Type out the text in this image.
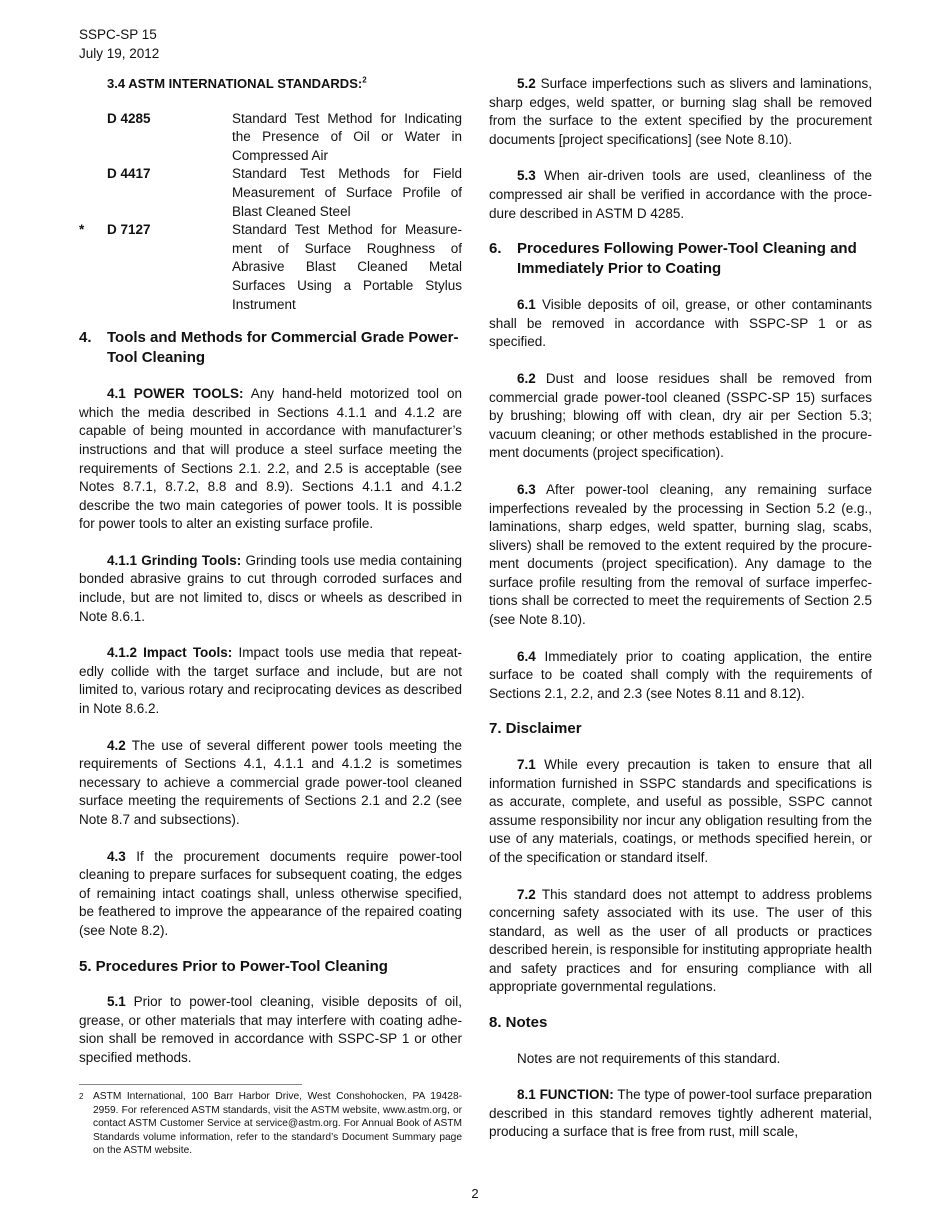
SSPC-SP 15
July 19, 2012
3.4 ASTM INTERNATIONAL STANDARDS:$^2$
D 4285	Standard Test Method for Indicating the Presence of Oil or Water in Compressed Air
D 4417	Standard Test Methods for Field Measurement of Surface Profile of Blast Cleaned Steel
*	D 7127	Standard Test Method for Measurement of Surface Roughness of Abrasive Blast Cleaned Metal Surfaces Using a Portable Stylus Instrument
4.	Tools and Methods for Commercial Grade Power-Tool Cleaning

4.1 POWER TOOLS: Any hand-held motorized tool on which the media described in Sections 4.1.1 and 4.1.2 are capable of being mounted in accordance with manufacturer’s instructions and that will produce a steel surface meeting the requirements of Sections 2.1. 2.2, and 2.5 is acceptable (see Notes 8.7.1, 8.7.2, 8.8 and 8.9). Sections 4.1.1 and 4.1.2 describe the two main categories of power tools. It is possible for power tools to alter an existing surface profile.

4.1.1 Grinding Tools: Grinding tools use media containing bonded abrasive grains to cut through corroded surfaces and include, but are not limited to, discs or wheels as described in Note 8.6.1.

4.1.2 Impact Tools: Impact tools use media that repeatedly collide with the target surface and include, but are not limited to, various rotary and reciprocating devices as described in Note 8.6.2.

4.2 The use of several different power tools meeting the requirements of Sections 4.1, 4.1.1 and 4.1.2 is sometimes necessary to achieve a commercial grade power-tool cleaned surface meeting the requirements of Sections 2.1 and 2.2 (see Note 8.7 and subsections).

4.3 If the procurement documents require power-tool cleaning to prepare surfaces for subsequent coating, the edges of remaining intact coatings shall, unless otherwise specified, be feathered to improve the appearance of the repaired coating (see Note 8.2).

5. Procedures Prior to Power-Tool Cleaning

5.1 Prior to power-tool cleaning, visible deposits of oil, grease, or other materials that may interfere with coating adhesion shall be removed in accordance with SSPC-SP 1 or other specified methods.

2 ASTM International, 100 Barr Harbor Drive, West Conshohocken, PA 19428-2959. For referenced ASTM standards, visit the ASTM website, www.astm.org, or contact ASTM Customer Service at service@astm.org. For Annual Book of ASTM Standards volume information, refer to the standard’s Document Summary page on the ASTM website.

5.2 Surface imperfections such as slivers and laminations, sharp edges, weld spatter, or burning slag shall be removed from the surface to the extent specified by the procurement documents [project specifications] (see Note 8.10).

5.3 When air-driven tools are used, cleanliness of the compressed air shall be verified in accordance with the procedure described in ASTM D 4285.

6.	Procedures Following Power-Tool Cleaning and Immediately Prior to Coating

6.1 Visible deposits of oil, grease, or other contaminants shall be removed in accordance with SSPC-SP 1 or as specified.

6.2 Dust and loose residues shall be removed from commercial grade power-tool cleaned (SSPC-SP 15) surfaces by brushing; blowing off with clean, dry air per Section 5.3; vacuum cleaning; or other methods established in the procurement documents (project specification).

6.3 After power-tool cleaning, any remaining surface imperfections revealed by the processing in Section 5.2 (e.g., laminations, sharp edges, weld spatter, burning slag, scabs, slivers) shall be removed to the extent required by the procurement documents (project specification). Any damage to the surface profile resulting from the removal of surface imperfections shall be corrected to meet the requirements of Section 2.5 (see Note 8.10).

6.4 Immediately prior to coating application, the entire surface to be coated shall comply with the requirements of Sections 2.1, 2.2, and 2.3 (see Notes 8.11 and 8.12).

7. Disclaimer

7.1 While every precaution is taken to ensure that all information furnished in SSPC standards and specifications is as accurate, complete, and useful as possible, SSPC cannot assume responsibility nor incur any obligation resulting from the use of any materials, coatings, or methods specified herein, or of the specification or standard itself.

7.2 This standard does not attempt to address problems concerning safety associated with its use. The user of this standard, as well as the user of all products or practices described herein, is responsible for instituting appropriate health and safety practices and for ensuring compliance with all appropriate governmental regulations.

8. Notes

Notes are not requirements of this standard.

8.1 FUNCTION: The type of power-tool surface preparation described in this standard removes tightly adherent material, producing a surface that is free from rust, mill scale,

2
